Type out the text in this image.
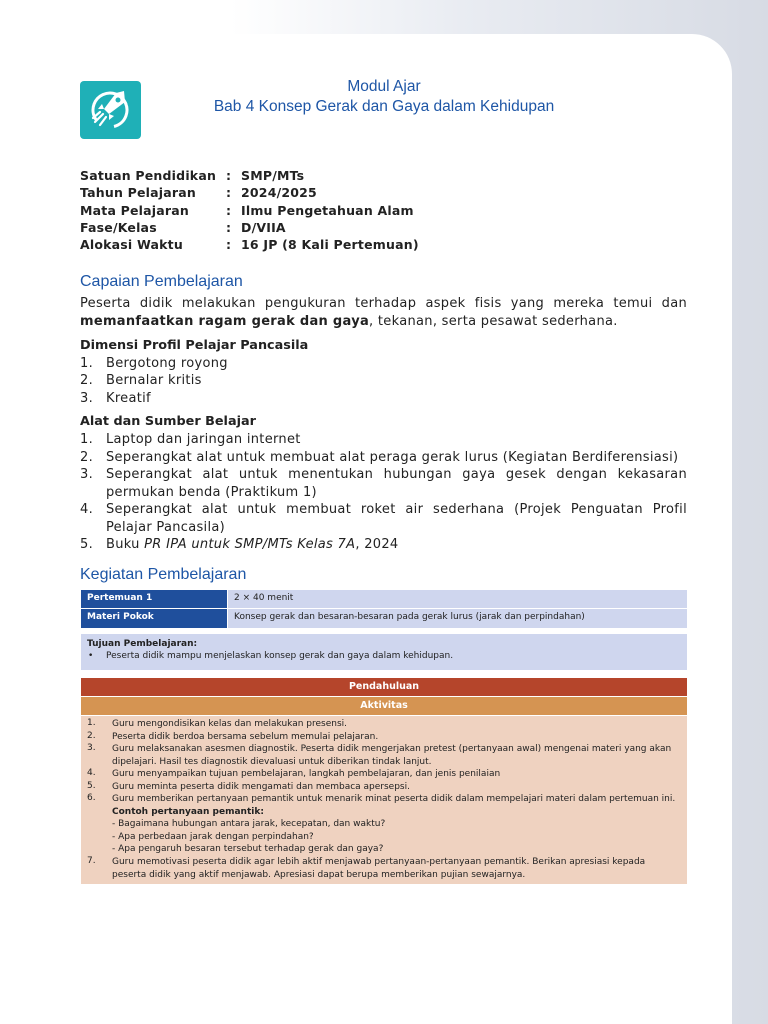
Modul Ajar
Bab 4 Konsep Gerak dan Gaya dalam Kehidupan
Satuan Pendidikan : SMP/MTs
Tahun Pelajaran : 2024/2025
Mata Pelajaran	: Ilmu Pengetahuan Alam
Fase/Kelas	: D/VIIA
Alokasi Waktu	: 16 JP (8 Kali Pertemuan)
Capaian Pembelajaran
Peserta didik melakukan pengukuran terhadap aspek fisis yang mereka temui dan memanfaatkan ragam gerak dan gaya, tekanan, serta pesawat sederhana.
Dimensi Profil Pelajar Pancasila
1. Bergotong royong
2. Bernalar kritis
3. Kreatif
Alat dan Sumber Belajar
1. Laptop dan jaringan internet
2. Seperangkat alat untuk membuat alat peraga gerak lurus (Kegiatan Berdiferensiasi)
3. Seperangkat alat untuk menentukan hubungan gaya gesek dengan kekasaran permukan benda (Praktikum 1)
4. Seperangkat alat untuk membuat roket air sederhana (Projek Penguatan Profil Pelajar Pancasila)
5. Buku PR IPA untuk SMP/MTs Kelas 7A, 2024
Kegiatan Pembelajaran
Pertemuan 1	2 × 40 menit
Materi Pokok	Konsep gerak dan besaran-besaran pada gerak lurus (jarak dan perpindahan)
Tujuan Pembelajaran:
• Peserta didik mampu menjelaskan konsep gerak dan gaya dalam kehidupan.
Pendahuluan
Aktivitas
1. Guru mengondisikan kelas dan melakukan presensi.
2. Peserta didik berdoa bersama sebelum memulai pelajaran.
3. Guru melaksanakan asesmen diagnostik. Peserta didik mengerjakan pretest (pertanyaan awal) mengenai materi yang akan dipelajari. Hasil tes diagnostik dievaluasi untuk diberikan tindak lanjut.
4. Guru menyampaikan tujuan pembelajaran, langkah pembelajaran, dan jenis penilaian
5. Guru meminta peserta didik mengamati dan membaca apersepsi.
6. Guru memberikan pertanyaan pemantik untuk menarik minat peserta didik dalam mempelajari materi dalam pertemuan ini.
Contoh pertanyaan pemantik:
- Bagaimana hubungan antara jarak, kecepatan, dan waktu?
- Apa perbedaan jarak dengan perpindahan?
- Apa pengaruh besaran tersebut terhadap gerak dan gaya?
7. Guru memotivasi peserta didik agar lebih aktif menjawab pertanyaan-pertanyaan pemantik. Berikan apresiasi kepada peserta didik yang aktif menjawab. Apresiasi dapat berupa memberikan pujian sewajarnya.
